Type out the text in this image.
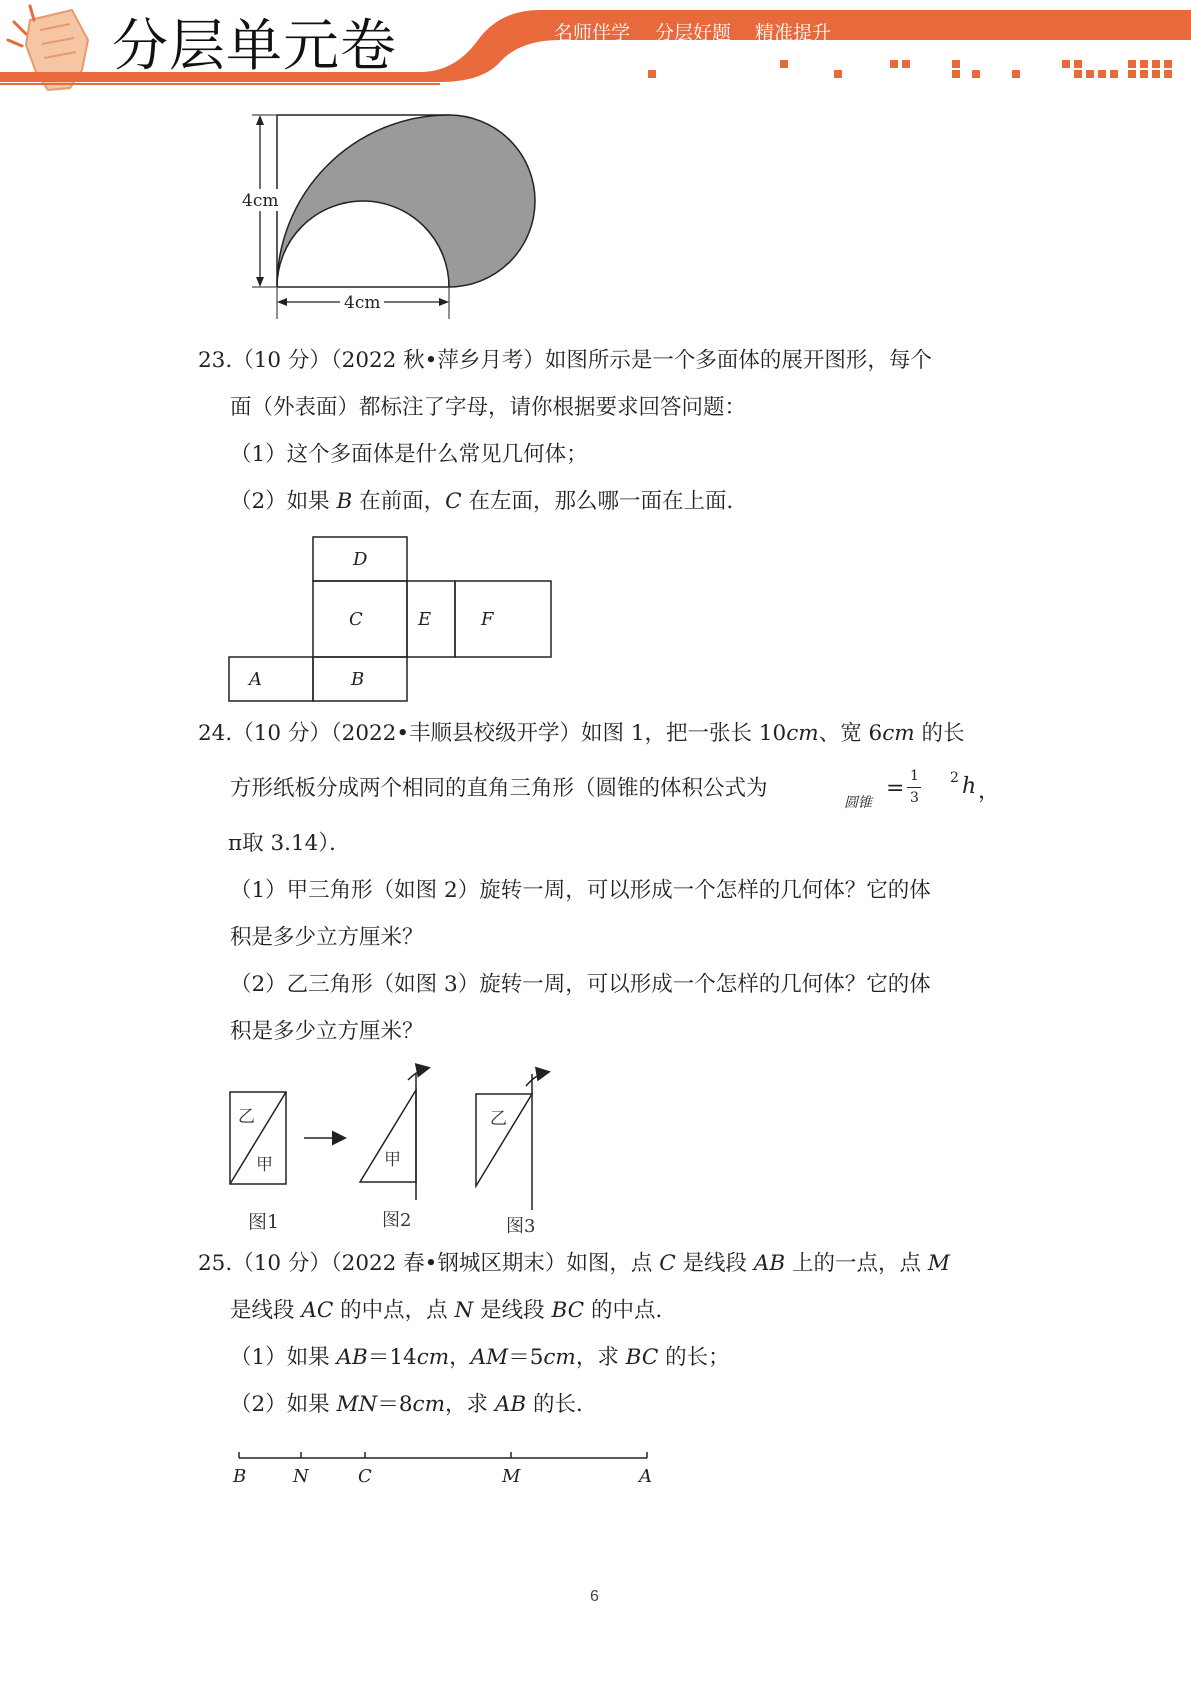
分层单元卷	名师伴学 分层好题 精准提升
4cm
4cm
23.（10 分）（2022 秋•萍乡月考）如图所示是一个多面体的展开图形，每个
面（外表面）都标注了字母，请你根据要求回答问题：
（1）这个多面体是什么常见几何体；
（2）如果 B 在前面，C 在左面，那么哪一面在上面．
D
C	E	F
A	B
24.（10 分）（2022•丰顺县校级开学）如图 1，把一张长 10cm、宽 6cm 的长
方形纸板分成两个相同的直角三角形（圆锥的体积公式为
圆锥
= 1
3
2 h ，
π取 3.14）．
（1）甲三角形（如图 2）旋转一周，可以形成一个怎样的几何体？它的体
积是多少立方厘米？
（2）乙三角形（如图 3）旋转一周，可以形成一个怎样的几何体？它的体
积是多少立方厘米？
乙
甲	甲
乙
图1	图2	图3
25.（10 分）（2022 春•钢城区期末）如图，点 C 是线段 AB 上的一点，点 M
是线段 AC 的中点，点 N 是线段 BC 的中点．
（1）如果 AB＝14cm，AM＝5cm，求 BC 的长；
（2）如果 MN＝8cm，求 AB 的长．
B	N	C	M	A
6
